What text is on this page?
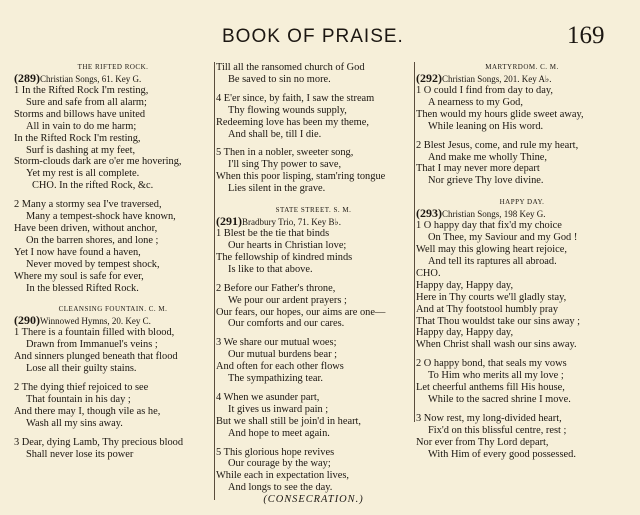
BOOK OF PRAISE.	169
THE RIFTED ROCK.
(289)Christian Songs, 61. Key G.
1 In the Rifted Rock I'm resting,
Sure and safe from all alarm;
Storms and billows have united
All in vain to do me harm;
In the Rifted Rock I'm resting,
Surf is dashing at my feet,
Storm-clouds dark are o'er me hovering,
Yet my rest is all complete.
CHO. In the rifted Rock, &c.
2 Many a stormy sea I've traversed,
Many a tempest-shock have known,
Have been driven, without anchor,
On the barren shores, and lone ;
Yet I now have found a haven,
Never moved by tempest shock,
Where my soul is safe for ever,
In the blessed Rifted Rock.
CLEANSING FOUNTAIN. C. M.
(290)Winnowed Hymns, 20. Key C.
1 There is a fountain filled with blood,
Drawn from Immanuel's veins ;
And sinners plunged beneath that flood
Lose all their guilty stains.
2 The dying thief rejoiced to see
That fountain in his day ;
And there may I, though vile as he,
Wash all my sins away.
3 Dear, dying Lamb, Thy precious blood
Shall never lose its power
Till all the ransomed church of God
Be saved to sin no more.
4 E'er since, by faith, I saw the stream
Thy flowing wounds supply,
Redeeming love has been my theme,
And shall be, till I die.
5 Then in a nobler, sweeter song,
I'll sing Thy power to save,
When this poor lisping, stam'ring tongue
Lies silent in the grave.
STATE STREET. S. M.
(291)Bradbury Trio, 71. Key B♭.
1 Blest be the tie that binds
Our hearts in Christian love;
The fellowship of kindred minds
Is like to that above.
2 Before our Father's throne,
We pour our ardent prayers ;
Our fears, our hopes, our aims are one—
Our comforts and our cares.
3 We share our mutual woes;
Our mutual burdens bear ;
And often for each other flows
The sympathizing tear.
4 When we asunder part,
It gives us inward pain ;
But we shall still be join'd in heart,
And hope to meet again.
5 This glorious hope revives
Our courage by the way;
While each in expectation lives,
And longs to see the day.
(CONSECRATION.)
MARTYRDOM. C. M.
(292)Christian Songs, 201. Key A♭.
1 O could I find from day to day,
A nearness to my God,
Then would my hours glide sweet away,
While leaning on His word.
2 Blest Jesus, come, and rule my heart,
And make me wholly Thine,
That I may never more depart
Nor grieve Thy love divine.
HAPPY DAY.
(293)Christian Songs, 198 Key G.
1 O happy day that fix'd my choice
On Thee, my Saviour and my God !
Well may this glowing heart rejoice,
And tell its raptures all abroad.
CHO.
Happy day, Happy day,
Here in Thy courts we'll gladly stay,
And at Thy footstool humbly pray
That Thou wouldst take our sins away ;
Happy day, Happy day,
When Christ shall wash our sins away.
2 O happy bond, that seals my vows
To Him who merits all my love ;
Let cheerful anthems fill His house,
While to the sacred shrine I move.
3 Now rest, my long-divided heart,
Fix'd on this blissful centre, rest ;
Nor ever from Thy Lord depart,
With Him of every good possessed.
